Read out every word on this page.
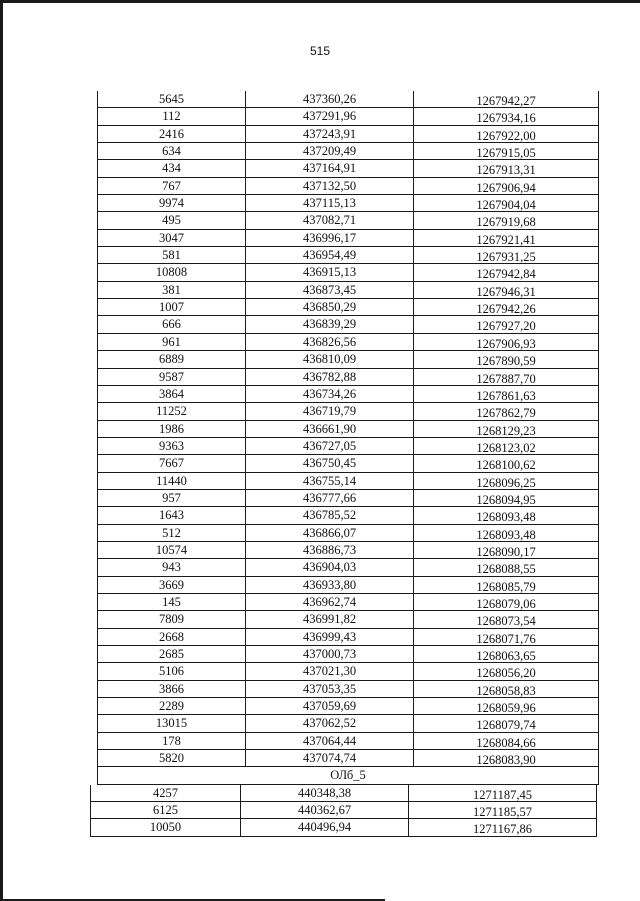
515
5645	437360,26	1267942,27
112	437291,96	1267934,16
2416	437243,91	1267922,00
634	437209,49	1267915,05
434	437164,91	1267913,31
767	437132,50	1267906,94
9974	437115,13	1267904,04
495	437082,71	1267919,68
3047	436996,17	1267921,41
581	436954,49	1267931,25
10808	436915,13	1267942,84
381	436873,45	1267946,31
1007	436850,29	1267942,26
666	436839,29	1267927,20
961	436826,56	1267906,93
6889	436810,09	1267890,59
9587	436782,88	1267887,70
3864	436734,26	1267861,63
11252	436719,79	1267862,79
1986	436661,90	1268129,23
9363	436727,05	1268123,02
7667	436750,45	1268100,62
11440	436755,14	1268096,25
957	436777,66	1268094,95
1643	436785,52	1268093,48
512	436866,07	1268093,48
10574	436886,73	1268090,17
943	436904,03	1268088,55
3669	436933,80	1268085,79
145	436962,74	1268079,06
7809	436991,82	1268073,54
2668	436999,43	1268071,76
2685	437000,73	1268063,65
5106	437021,30	1268056,20
3866	437053,35	1268058,83
2289	437059,69	1268059,96
13015	437062,52	1268079,74
178	437064,44	1268084,66
5820	437074,74	1268083,90
ОЛб_5
4257	440348,38	1271187,45
6125	440362,67	1271185,57
10050	440496,94	1271167,86
